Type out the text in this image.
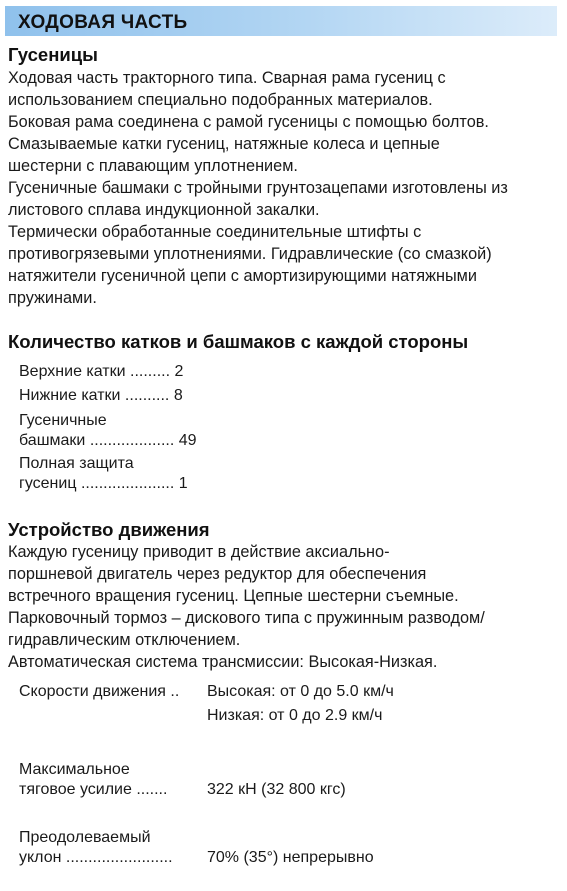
ХОДОВАЯ ЧАСТЬ
Гусеницы
Ходовая часть тракторного типа. Сварная рама гусениц с
использованием специально подобранных материалов.
Боковая рама соединена с рамой гусеницы с помощью болтов.
Смазываемые катки гусениц, натяжные колеса и цепные
шестерни с плавающим уплотнением.
Гусеничные башмаки с тройными грунтозацепами изготовлены из
листового сплава индукционной закалки.
Термически обработанные соединительные штифты с
противогрязевыми уплотнениями. Гидравлические (со смазкой)
натяжители гусеничной цепи с амортизирующими натяжными
пружинами.
Количество катков и башмаков с каждой стороны
Верхние катки ......... 2
Нижние катки .......... 8
Гусеничные
башмаки ................... 49
Полная защита
гусениц ..................... 1
Устройство движения
Каждую гусеницу приводит в действие аксиально-
поршневой двигатель через редуктор для обеспечения
встречного вращения гусениц. Цепные шестерни съемные.
Парковочный тормоз – дискового типа с пружинным разводом/
гидравлическим отключением.
Автоматическая система трансмиссии: Высокая-Низкая.
Скорости движения .. Высокая: от 0 до 5.0 км/ч
Низкая: от 0 до 2.9 км/ч
Максимальное
тяговое усилие ....... 322 кН (32 800 кгс)
Преодолеваемый
уклон ........................ 70% (35°) непрерывно
